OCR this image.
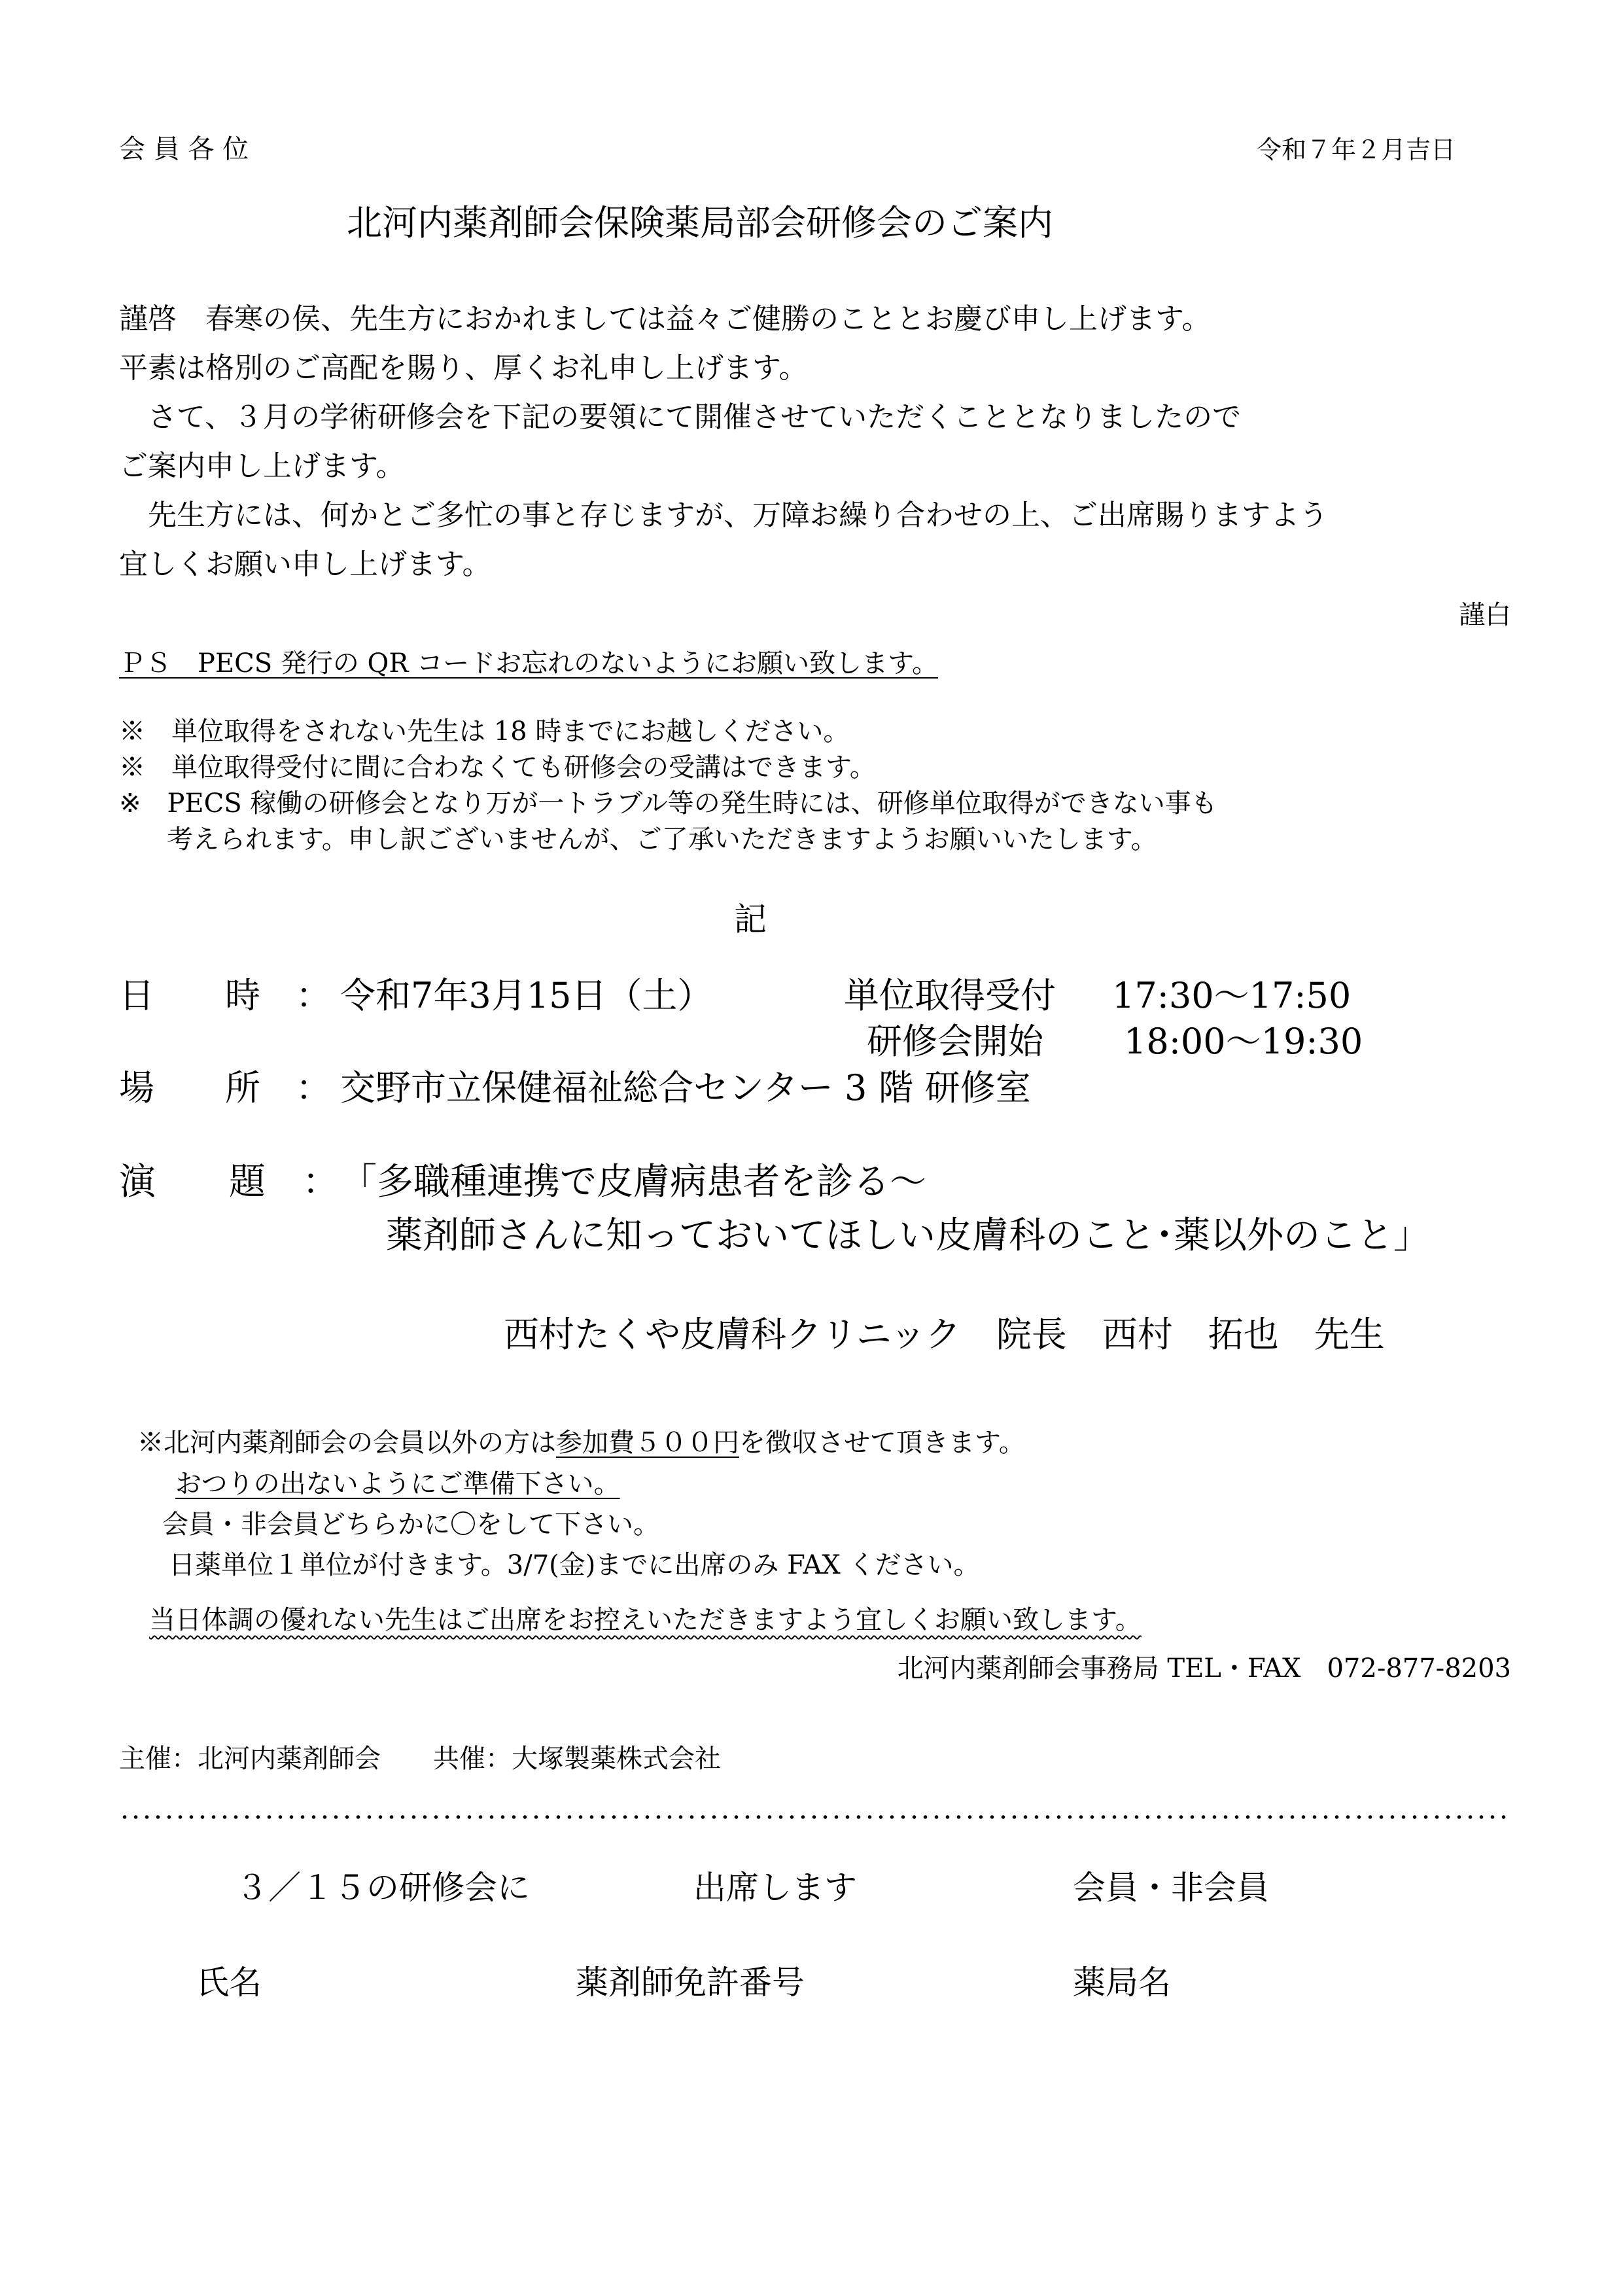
会 員 各 位	令和７年２月吉日
北河内薬剤師会保険薬局部会研修会のご案内
謹啓　春寒の侯、先生方におかれましては益々ご健勝のこととお慶び申し上げます。
平素は格別のご高配を賜り、厚くお礼申し上げます。
　さて、３月の学術研修会を下記の要領にて開催させていただくこととなりましたので
ご案内申し上げます。
　先生方には、何かとご多忙の事と存じますが、万障お繰り合わせの上、ご出席賜りますよう
宜しくお願い申し上げます。
謹白
ＰＳ　PECS 発行の QR コードお忘れのないようにお願い致します。
※　単位取得をされない先生は 18 時までにお越しください。
※　単位取得受付に間に合わなくても研修会の受講はできます。
※　PECS 稼働の研修会となり万が一トラブル等の発生時には、研修単位取得ができない事も
考えられます。申し訳ございませんが、ご了承いただきますようお願いいたします。
記
日　　時　： 令和7年3月15日（土）	単位取得受付 17:30～17:50
研修会開始 18:00～19:30
場　　所　： 交野市立保健福祉総合センター 3 階 研修室
演　　題　： 「多職種連携で皮膚病患者を診る～
薬剤師さんに知っておいてほしい皮膚科のこと･薬以外のこと」
西村たくや皮膚科クリニック　院長　西村　拓也　先生
※北河内薬剤師会の会員以外の方は参加費５００円を徴収させて頂きます。
おつりの出ないようにご準備下さい。
会員・非会員どちらかに〇をして下さい。
日薬単位１単位が付きます。3/7(金)までに出席のみ FAX ください。
当日体調の優れない先生はご出席をお控えいただきますよう宜しくお願い致します。
北河内薬剤師会事務局 TEL・FAX　072-877-8203
主催：北河内薬剤師会　　共催：大塚製薬株式会社
３／１５の研修会に	出席します	会員・非会員
氏名	薬剤師免許番号	薬局名
